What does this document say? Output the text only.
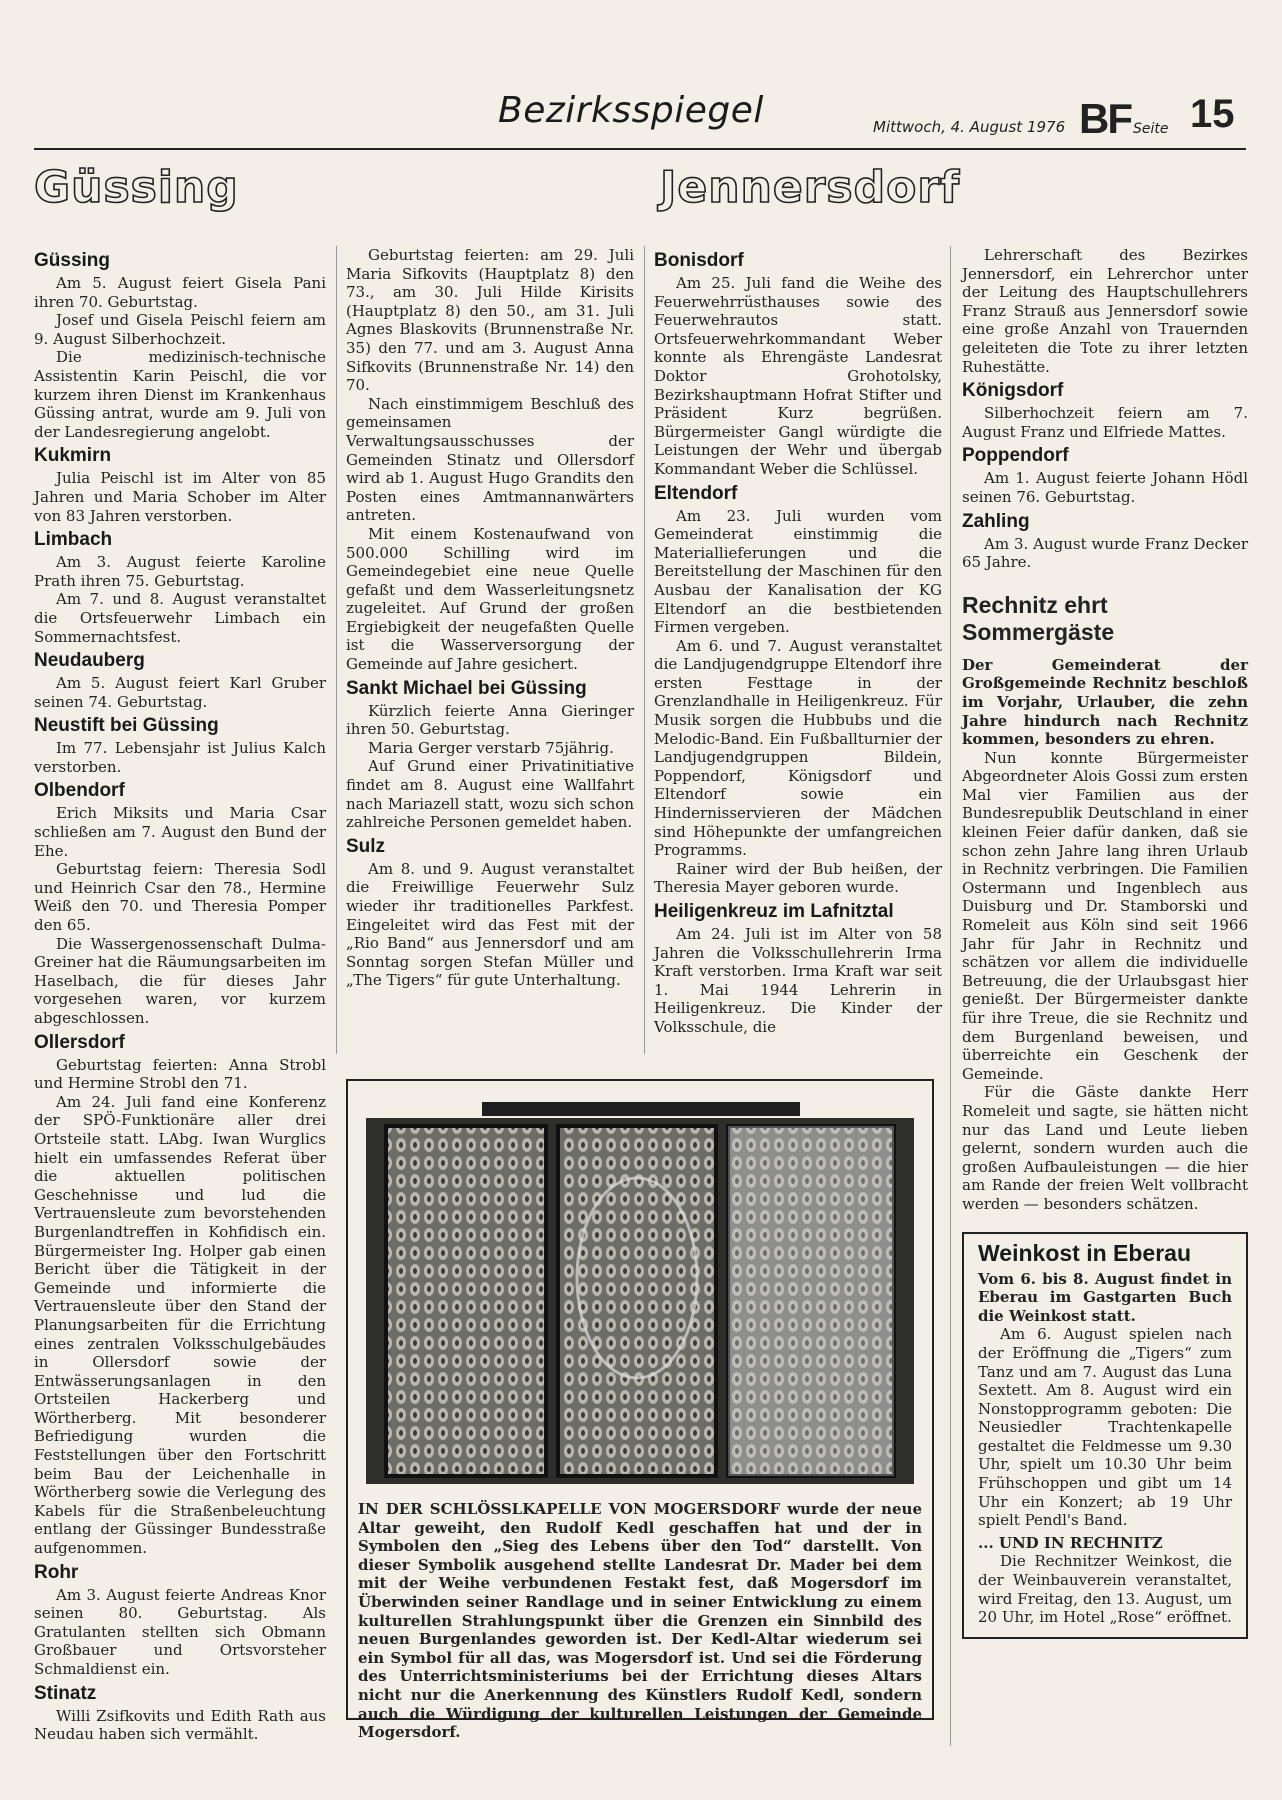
Bezirksspiegel	Mittwoch, 4. August 1976 BF Seite 15
Güssing	Jennersdorf
Güssing

Am 5. August feiert Gisela Pani ihren 70. Geburtstag.

Josef und Gisela Peischl feiern am 9. August Silberhochzeit.

Die medizinisch-technische Assistentin Karin Peischl, die vor kurzem ihren Dienst im Krankenhaus Güssing antrat, wurde am 9. Juli von der Landesregierung angelobt.

Kukmirn

Julia Peischl ist im Alter von 85 Jahren und Maria Schober im Alter von 83 Jahren verstorben.

Limbach

Am 3. August feierte Karoline Prath ihren 75. Geburtstag.

Am 7. und 8. August veranstaltet die Ortsfeuerwehr Limbach ein Sommernachtsfest.

Neudauberg

Am 5. August feiert Karl Gruber seinen 74. Geburtstag.

Neustift bei Güssing

Im 77. Lebensjahr ist Julius Kalch verstorben.

Olbendorf

Erich Miksits und Maria Csar schließen am 7. August den Bund der Ehe.

Geburtstag feiern: Theresia Sodl und Heinrich Csar den 78., Hermine Weiß den 70. und Theresia Pomper den 65.

Die Wassergenossenschaft Dulma-Greiner hat die Räumungsarbeiten im Haselbach, die für dieses Jahr vorgesehen waren, vor kurzem abgeschlossen.

Ollersdorf

Geburtstag feierten: Anna Strobl und Hermine Strobl den 71.

Am 24. Juli fand eine Konferenz der SPÖ-Funktionäre aller drei Ortsteile statt. LAbg. Iwan Wurglics hielt ein umfassendes Referat über die aktuellen politischen Geschehnisse und lud die Vertrauensleute zum bevorstehenden Burgenlandtreffen in Kohfidisch ein. Bürgermeister Ing. Holper gab einen Bericht über die Tätigkeit in der Gemeinde und informierte die Vertrauensleute über den Stand der Planungsarbeiten für die Errichtung eines zentralen Volksschulgebäudes in Ollersdorf sowie der Entwässerungsanlagen in den Ortsteilen Hackerberg und Wörtherberg. Mit besonderer Befriedigung wurden die Feststellungen über den Fortschritt beim Bau der Leichenhalle in Wörtherberg sowie die Verlegung des Kabels für die Straßenbeleuchtung entlang der Güssinger Bundesstraße aufgenommen.

Rohr

Am 3. August feierte Andreas Knor seinen 80. Geburtstag. Als Gratulanten stellten sich Obmann Großbauer und Ortsvorsteher Schmaldienst ein.

Stinatz

Willi Zsifkovits und Edith Rath aus Neudau haben sich vermählt.

Geburtstag feierten: am 29. Juli Maria Sifkovits (Hauptplatz 8) den 73., am 30. Juli Hilde Kirisits (Hauptplatz 8) den 50., am 31. Juli Agnes Blaskovits (Brunnenstraße Nr. 35) den 77. und am 3. August Anna Sifkovits (Brunnenstraße Nr. 14) den 70.

Nach einstimmigem Beschluß des gemeinsamen Verwaltungsausschusses der Gemeinden Stinatz und Ollersdorf wird ab 1. August Hugo Grandits den Posten eines Amtmannanwärters antreten.

Mit einem Kostenaufwand von 500.000 Schilling wird im Gemeindegebiet eine neue Quelle gefaßt und dem Wasserleitungsnetz zugeleitet. Auf Grund der großen Ergiebigkeit der neugefaßten Quelle ist die Wasserversorgung der Gemeinde auf Jahre gesichert.

Sankt Michael bei Güssing

Kürzlich feierte Anna Gieringer ihren 50. Geburtstag.

Maria Gerger verstarb 75jährig.

Auf Grund einer Privatinitiative findet am 8. August eine Wallfahrt nach Mariazell statt, wozu sich schon zahlreiche Personen gemeldet haben.

Sulz

Am 8. und 9. August veranstaltet die Freiwillige Feuerwehr Sulz wieder ihr traditionelles Parkfest. Eingeleitet wird das Fest mit der „Rio Band“ aus Jennersdorf und am Sonntag sorgen Stefan Müller und „The Tigers“ für gute Unterhaltung.

Bonisdorf

Am 25. Juli fand die Weihe des Feuerwehrrüsthauses sowie des Feuerwehrautos statt. Ortsfeuerwehrkommandant Weber konnte als Ehrengäste Landesrat Doktor Grohotolsky, Bezirkshauptmann Hofrat Stifter und Präsident Kurz begrüßen. Bürgermeister Gangl würdigte die Leistungen der Wehr und übergab Kommandant Weber die Schlüssel.

Eltendorf

Am 23. Juli wurden vom Gemeinderat einstimmig die Materiallieferungen und die Bereitstellung der Maschinen für den Ausbau der Kanalisation der KG Eltendorf an die bestbietenden Firmen vergeben.

Am 6. und 7. August veranstaltet die Landjugendgruppe Eltendorf ihre ersten Festtage in der Grenzlandhalle in Heiligenkreuz. Für Musik sorgen die Hubbubs und die Melodic-Band. Ein Fußballturnier der Landjugendgruppen Bildein, Poppendorf, Königsdorf und Eltendorf sowie ein Hindernisservieren der Mädchen sind Höhepunkte der umfangreichen Programms.

Rainer wird der Bub heißen, der Theresia Mayer geboren wurde.

Heiligenkreuz im Lafnitztal

Am 24. Juli ist im Alter von 58 Jahren die Volksschullehrerin Irma Kraft verstorben. Irma Kraft war seit 1. Mai 1944 Lehrerin in Heiligenkreuz. Die Kinder der Volksschule, die

Lehrerschaft des Bezirkes Jennersdorf, ein Lehrerchor unter der Leitung des Hauptschullehrers Franz Strauß aus Jennersdorf sowie eine große Anzahl von Trauernden geleiteten die Tote zu ihrer letzten Ruhestätte.

Königsdorf

Silberhochzeit feiern am 7. August Franz und Elfriede Mattes.

Poppendorf

Am 1. August feierte Johann Hödl seinen 76. Geburtstag.

Zahling

Am 3. August wurde Franz Decker 65 Jahre.

Rechnitz ehrt Sommergäste

Der Gemeinderat der Großgemeinde Rechnitz beschloß im Vorjahr, Urlauber, die zehn Jahre hindurch nach Rechnitz kommen, besonders zu ehren.

Nun konnte Bürgermeister Abgeordneter Alois Gossi zum ersten Mal vier Familien aus der Bundesrepublik Deutschland in einer kleinen Feier dafür danken, daß sie schon zehn Jahre lang ihren Urlaub in Rechnitz verbringen. Die Familien Ostermann und Ingenblech aus Duisburg und Dr. Stamborski und Romeleit aus Köln sind seit 1966 Jahr für Jahr in Rechnitz und schätzen vor allem die individuelle Betreuung, die der Urlaubsgast hier genießt. Der Bürgermeister dankte für ihre Treue, die sie Rechnitz und dem Burgenland beweisen, und überreichte ein Geschenk der Gemeinde.

Für die Gäste dankte Herr Romeleit und sagte, sie hätten nicht nur das Land und Leute lieben gelernt, sondern wurden auch die großen Aufbauleistungen — die hier am Rande der freien Welt vollbracht werden — besonders schätzen.

Weinkost in Eberau

Vom 6. bis 8. August findet in Eberau im Gastgarten Buch die Weinkost statt.

Am 6. August spielen nach der Eröffnung die „Tigers“ zum Tanz und am 7. August das Luna Sextett. Am 8. August wird ein Nonstopprogramm geboten: Die Neusiedler Trachtenkapelle gestaltet die Feldmesse um 9.30 Uhr, spielt um 10.30 Uhr beim Frühschoppen und gibt um 14 Uhr ein Konzert; ab 19 Uhr spielt Pendl's Band.

... UND IN RECHNITZ

Die Rechnitzer Weinkost, die der Weinbauverein veranstaltet, wird Freitag, den 13. August, um 20 Uhr, im Hotel „Rose“ eröffnet.

IN DER SCHLÖSSLKAPELLE VON MOGERSDORF wurde der neue Altar geweiht, den Rudolf Kedl geschaffen hat und der in Symbolen den „Sieg des Lebens über den Tod“ darstellt. Von dieser Symbolik ausgehend stellte Landesrat Dr. Mader bei dem mit der Weihe verbundenen Festakt fest, daß Mogersdorf im Überwinden seiner Randlage und in seiner Entwicklung zu einem kulturellen Strahlungspunkt über die Grenzen ein Sinnbild des neuen Burgenlandes geworden ist. Der Kedl-Altar wiederum sei ein Symbol für all das, was Mogersdorf ist. Und sei die Förderung des Unterrichtsministeriums bei der Errichtung dieses Altars nicht nur die Anerkennung des Künstlers Rudolf Kedl, sondern auch die Würdigung der kulturellen Leistungen der Gemeinde Mogersdorf.
